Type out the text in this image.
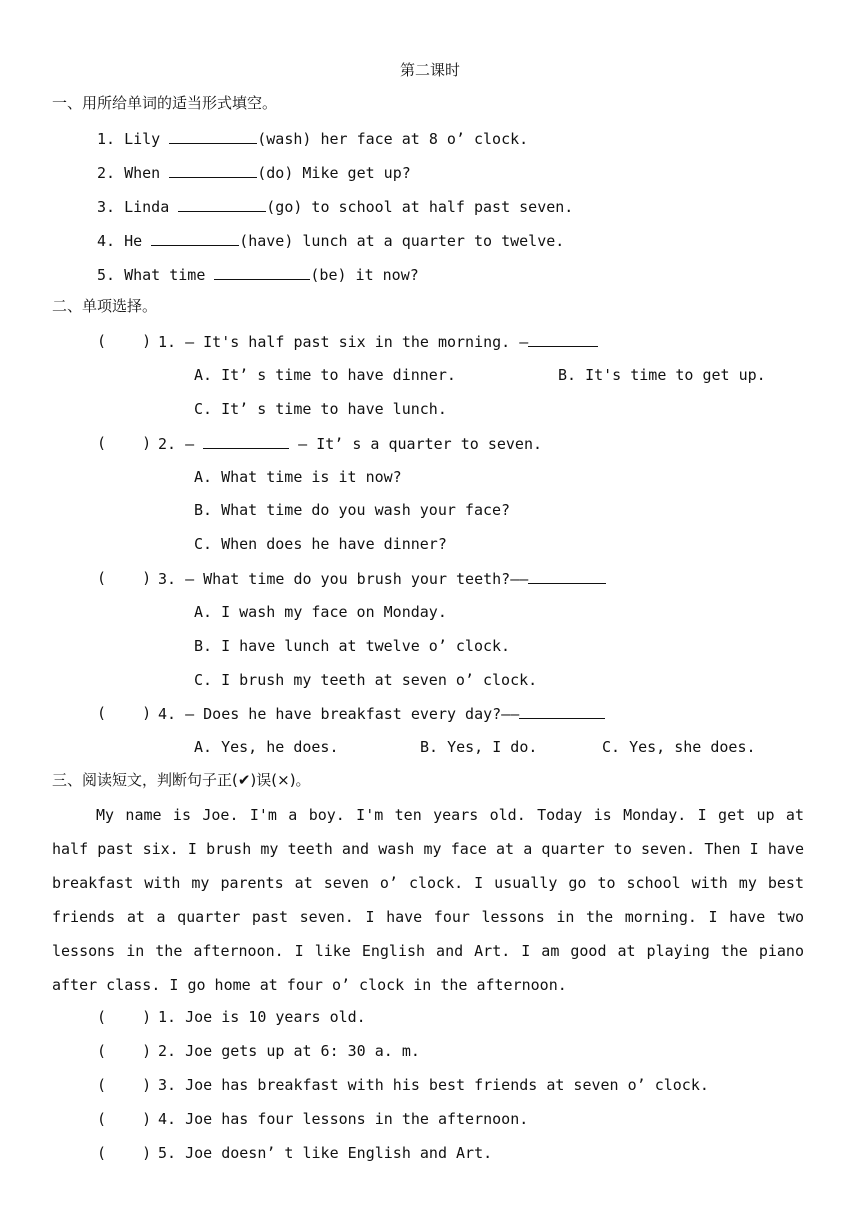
第二课时
一、用所给单词的适当形式填空。
1. Lily	(wash) her face at 8 o’ clock.
2. When	(do) Mike get up?
3. Linda	(go) to school at half past seven.
4. He	(have) lunch at a quarter to twelve.
5. What time	(be) it now?
二、单项选择。
(    ) 1. — It's half past six in the morning. —
A. It’ s time to have dinner.	B. It's time to get up.
C. It’ s time to have lunch.
(    ) 2. —	— It’ s a quarter to seven.
A. What time is it now?
B. What time do you wash your face?
C. When does he have dinner?
(    ) 3. — What time do you brush your teeth?——
A. I wash my face on Monday.
B. I have lunch at twelve o’ clock.
C. I brush my teeth at seven o’ clock.
(    ) 4. — Does he have breakfast every day?——
A. Yes, he does.	B. Yes, I do.	C. Yes, she does.
三、阅读短文，判断句子正(✔)误(×)。
My name is Joe. I'm a boy. I'm ten years old. Today is Monday. I get up at half past six. I brush my teeth and wash my face at a quarter to seven. Then I have breakfast with my parents at seven o’ clock. I usually go to school with my best friends at a quarter past seven. I have four lessons in the morning. I have two lessons in the afternoon. I like English and Art. I am good at playing the piano after class. I go home at four o’ clock in the afternoon.
(    ) 1. Joe is 10 years old.
(    ) 2. Joe gets up at 6: 30 a. m.
(    ) 3. Joe has breakfast with his best friends at seven o’ clock.
(    ) 4. Joe has four lessons in the afternoon.
(    ) 5. Joe doesn’ t like English and Art.
